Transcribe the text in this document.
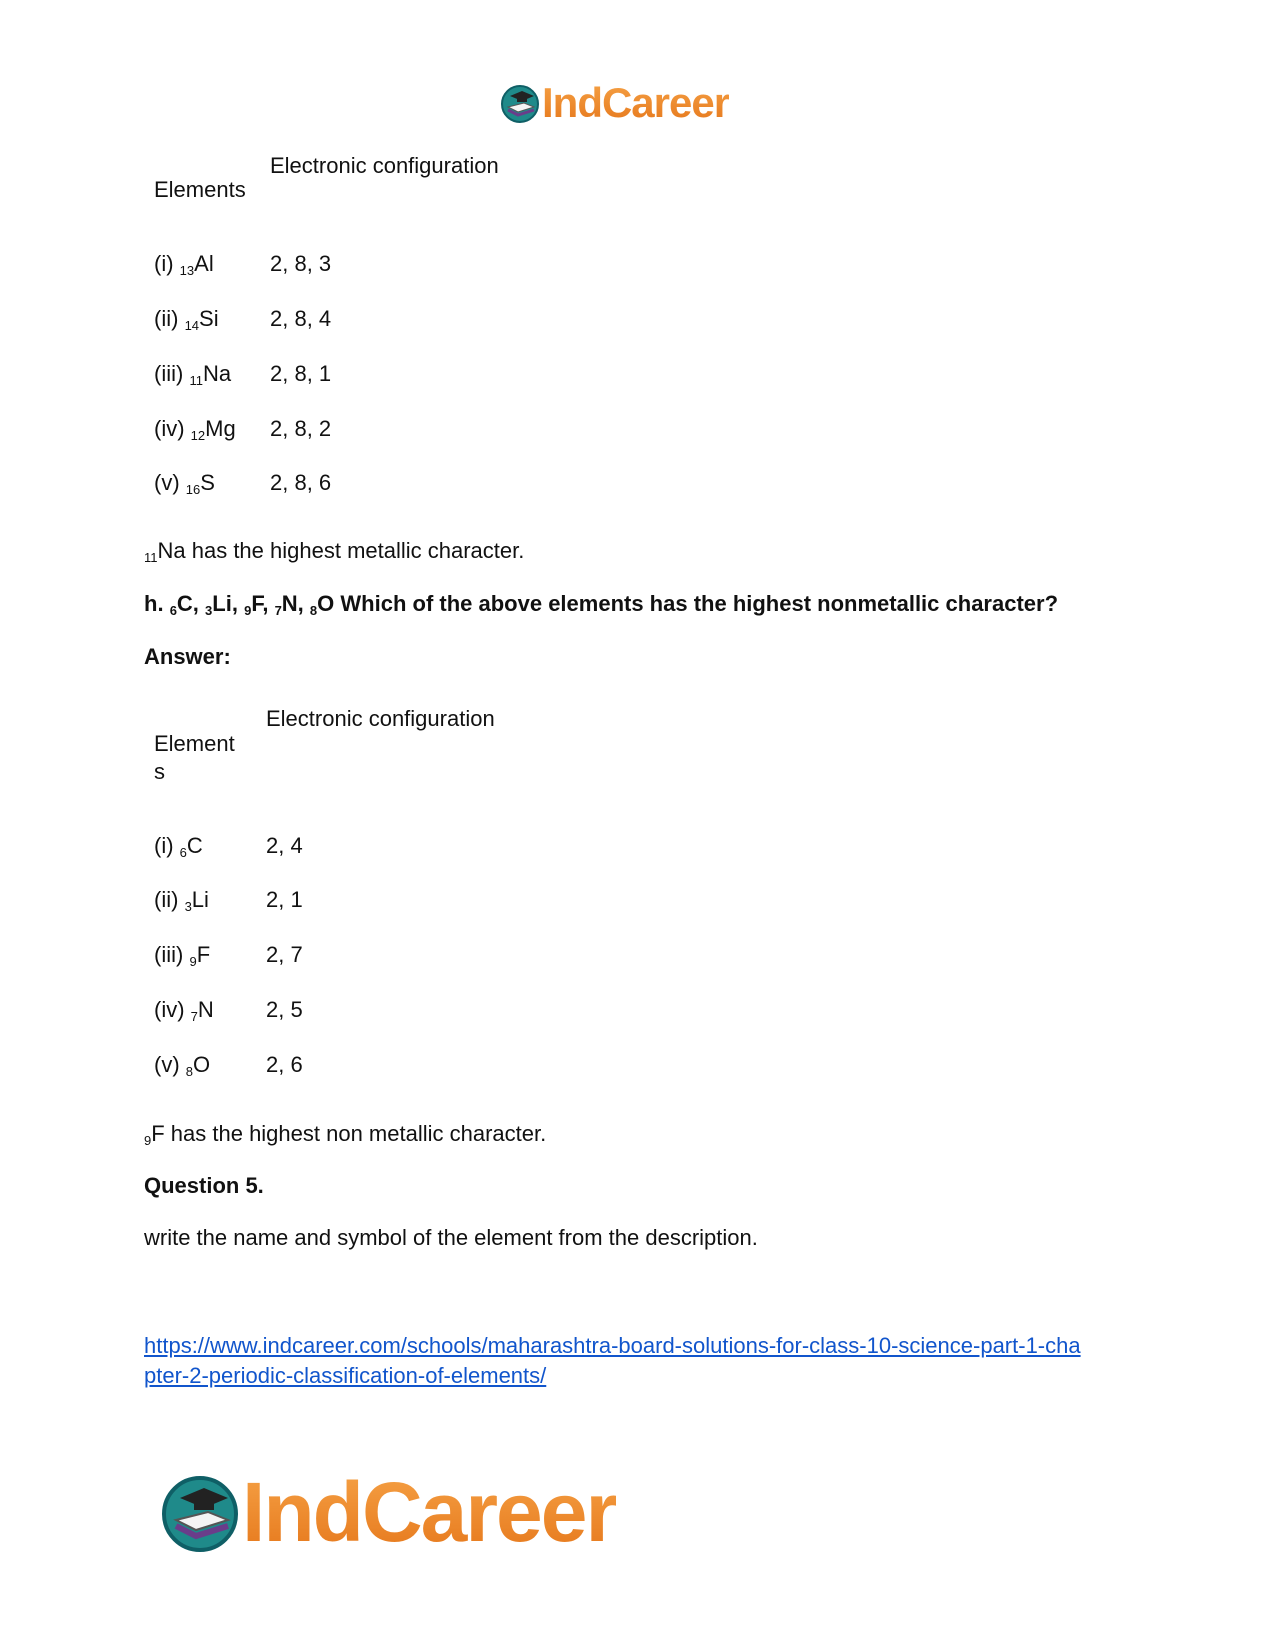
IndCareer
Electronic configuration
Elements
(i) $_{13}$Al	2, 8, 3
(ii) $_{14}$Si 2, 8, 4
(iii) $_{11}$Na 2, 8, 1
(iv) $_{12}$Mg 2, 8, 2
(v) $_{16}$S	2, 8, 6
$_{11}$Na has the highest metallic character.
h. $_6$C, $_3$Li, $_9$F, $_7$N, $_8$O Which of the above elements has the highest nonmetallic character?
Answer:
Electronic configuration
Element
s
(i) $_6$C	2, 4
(ii) $_3$Li	2, 1
(iii) $_9$F	2, 7
(iv) $_7$N 2, 5
(v) $_8$O	2, 6
$_9$F has the highest non metallic character.
Question 5.
write the name and symbol of the element from the description.
https://www.indcareer.com/schools/maharashtra-board-solutions-for-class-10-science-part-1-cha
pter-2-periodic-classification-of-elements/
IndCareer
